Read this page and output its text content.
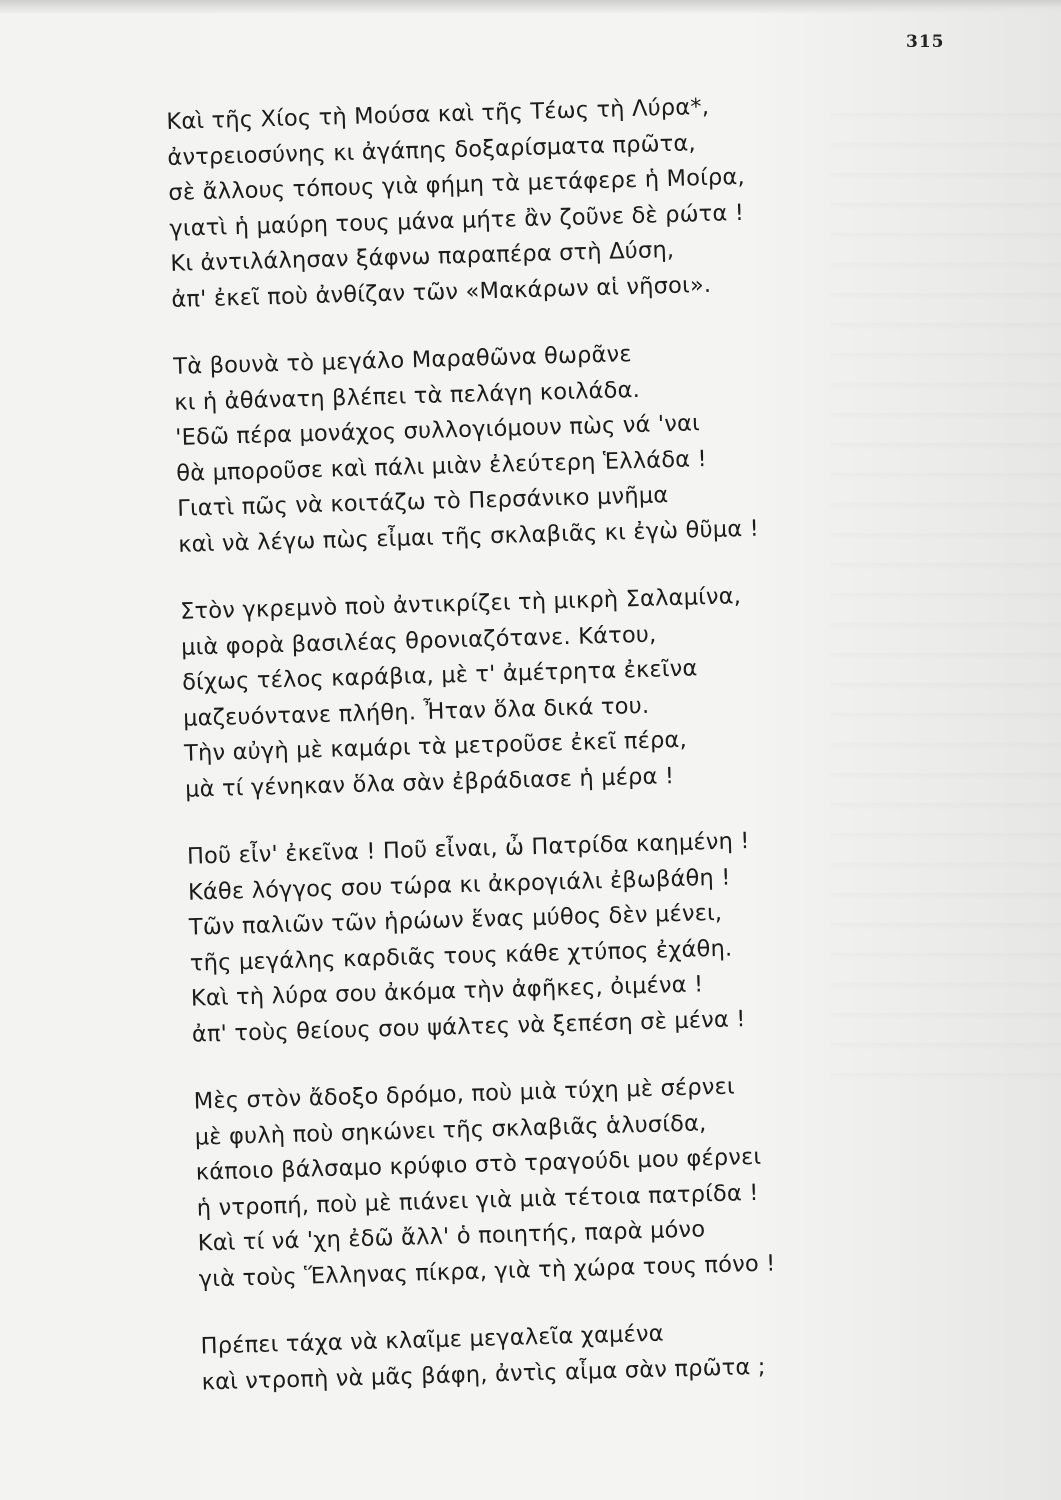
315
Καὶ τῆς Χίος τὴ Μούσα καὶ τῆς Τέως τὴ Λύρα*,
ἀντρειοσύνης κι ἀγάπης δοξαρίσματα πρῶτα,
σὲ ἄλλους τόπους γιὰ φήμη τὰ μετάφερε ἡ Μοίρα,
γιατὶ ἡ μαύρη τους μάνα μήτε ἂν ζοῦνε δὲ ρώτα !
Κι ἀντιλάλησαν ξάφνω παραπέρα στὴ Δύση,
ἀπ' ἐκεῖ ποὺ ἀνθίζαν τῶν «Μακάρων αἱ νῆσοι».
Τὰ βουνὰ τὸ μεγάλο Μαραθῶνα θωρᾶνε
κι ἡ ἀθάνατη βλέπει τὰ πελάγη κοιλάδα.
'Εδῶ πέρα μονάχος συλλογιόμουν πὼς νά 'ναι
θὰ μποροῦσε καὶ πάλι μιὰν ἐλεύτερη Ἑλλάδα !
Γιατὶ πῶς νὰ κοιτάζω τὸ Περσάνικο μνῆμα
καὶ νὰ λέγω πὼς εἶμαι τῆς σκλαβιᾶς κι ἐγὼ θῦμα !
Στὸν γκρεμνὸ ποὺ ἀντικρίζει τὴ μικρὴ Σαλαμίνα,
μιὰ φορὰ βασιλέας θρονιαζότανε. Κάτου,
δίχως τέλος καράβια, μὲ τ' ἀμέτρητα ἐκεῖνα
μαζευόντανε πλήθη. Ἦταν ὅλα δικά του.
Τὴν αὐγὴ μὲ καμάρι τὰ μετροῦσε ἐκεῖ πέρα,
μὰ τί γένηκαν ὅλα σὰν ἐβράδιασε ἡ μέρα !
Ποῦ εἶν' ἐκεῖνα ! Ποῦ εἶναι, ὦ Πατρίδα καημένη !
Κάθε λόγγος σου τώρα κι ἀκρογιάλι ἐβωβάθη !
Τῶν παλιῶν τῶν ἡρώων ἕνας μύθος δὲν μένει,
τῆς μεγάλης καρδιᾶς τους κάθε χτύπος ἐχάθη.
Καὶ τὴ λύρα σου ἀκόμα τὴν ἀφῆκες, ὀιμένα !
ἀπ' τοὺς θείους σου ψάλτες νὰ ξεπέση σὲ μένα !
Μὲς στὸν ἄδοξο δρόμο, ποὺ μιὰ τύχη μὲ σέρνει
μὲ φυλὴ ποὺ σηκώνει τῆς σκλαβιᾶς ἁλυσίδα,
κάποιο βάλσαμο κρύφιο στὸ τραγούδι μου φέρνει
ἡ ντροπή, ποὺ μὲ πιάνει γιὰ μιὰ τέτοια πατρίδα !
Καὶ τί νά 'χη ἐδῶ ἄλλ' ὁ ποιητής, παρὰ μόνο
γιὰ τοὺς Ἕλληνας πίκρα, γιὰ τὴ χώρα τους πόνο !
Πρέπει τάχα νὰ κλαῖμε μεγαλεῖα χαμένα
καὶ ντροπὴ νὰ μᾶς βάφη, ἀντὶς αἷμα σὰν πρῶτα ;
